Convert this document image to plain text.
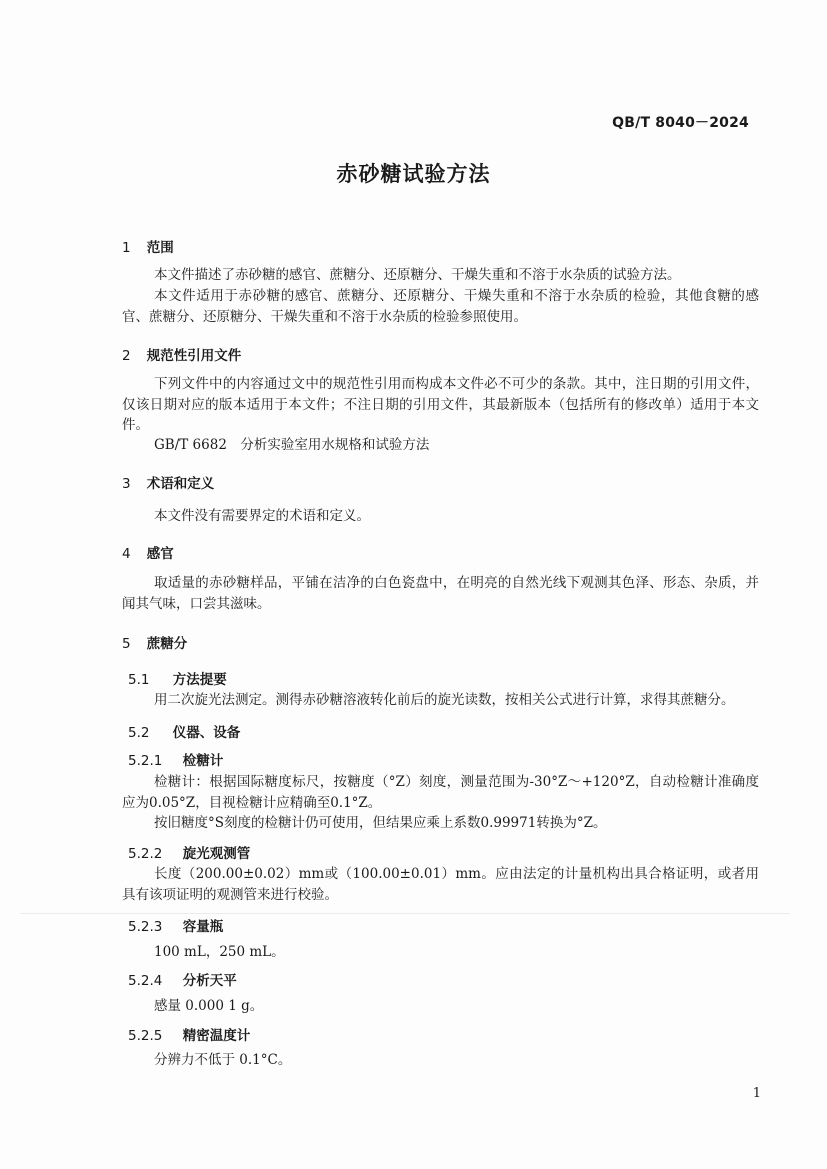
QB/T 8040－2024
赤砂糖试验方法
1 范围
本文件描述了赤砂糖的感官、蔗糖分、还原糖分、干燥失重和不溶于水杂质的试验方法。
本文件适用于赤砂糖的感官、蔗糖分、还原糖分、干燥失重和不溶于水杂质的检验，其他食糖的感官、蔗糖分、还原糖分、干燥失重和不溶于水杂质的检验参照使用。
2 规范性引用文件
下列文件中的内容通过文中的规范性引用而构成本文件必不可少的条款。其中，注日期的引用文件，仅该日期对应的版本适用于本文件；不注日期的引用文件，其最新版本（包括所有的修改单）适用于本文件。
GB/T 6682　分析实验室用水规格和试验方法
3 术语和定义
本文件没有需要界定的术语和定义。
4 感官
取适量的赤砂糖样品，平铺在洁净的白色瓷盘中，在明亮的自然光线下观测其色泽、形态、杂质，并闻其气味，口尝其滋味。
5 蔗糖分
5.1 方法提要
用二次旋光法测定。测得赤砂糖溶液转化前后的旋光读数，按相关公式进行计算，求得其蔗糖分。
5.2 仪器、设备
5.2.1 检糖计
检糖计：根据国际糖度标尺，按糖度（°Z）刻度，测量范围为-30°Z～+120°Z，自动检糖计准确度应为0.05°Z，目视检糖计应精确至0.1°Z。
按旧糖度°S刻度的检糖计仍可使用，但结果应乘上系数0.99971转换为°Z。
5.2.2 旋光观测管
长度（200.00±0.02）mm或（100.00±0.01）mm。应由法定的计量机构出具合格证明，或者用具有该项证明的观测管来进行校验。
5.2.3 容量瓶
100 mL，250 mL。
5.2.4 分析天平
感量 0.000 1 g。
5.2.5 精密温度计
分辨力不低于 0.1°C。
1
